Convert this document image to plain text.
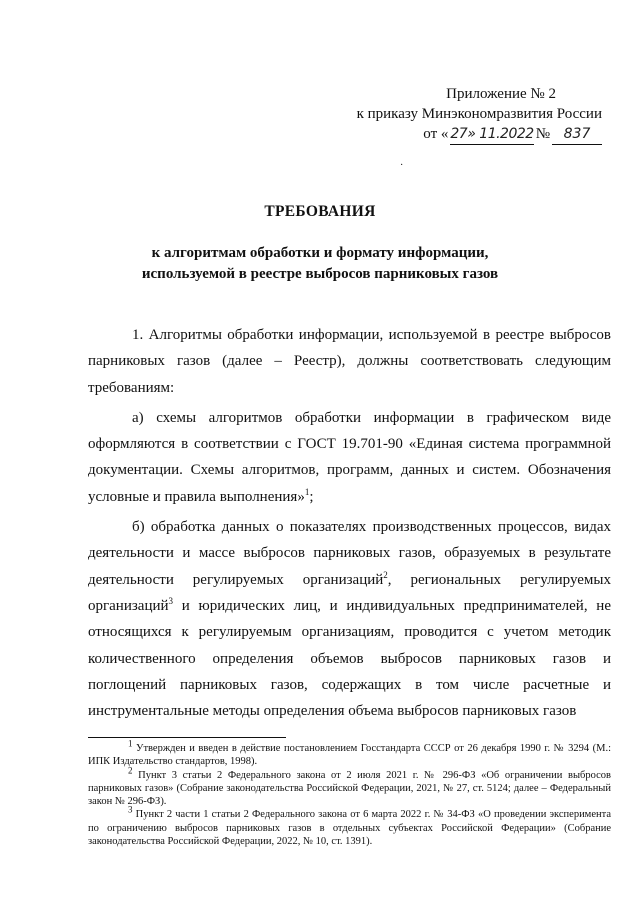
Приложение № 2
к приказу Минэкономразвития России
от « 27» 11.2022 № 837
·
ТРЕБОВАНИЯ
к алгоритмам обработки и формату информации,
используемой в реестре выбросов парниковых газов

1. Алгоритмы обработки информации, используемой в реестре выбросов парниковых газов (далее – Реестр), должны соответствовать следующим требованиям:

а) схемы алгоритмов обработки информации в графическом виде оформляются в соответствии с ГОСТ 19.701-90 «Единая система программной документации. Схемы алгоритмов, программ, данных и систем. Обозначения условные и правила выполнения»$^1$;

б) обработка данных о показателях производственных процессов, видах деятельности и массе выбросов парниковых газов, образуемых в результате деятельности регулируемых организаций$^2$, региональных регулируемых организаций$^3$ и юридических лиц, и индивидуальных предпринимателей, не относящихся к регулируемым организациям, проводится с учетом методик количественного определения объемов выбросов парниковых газов и поглощений парниковых газов, содержащих в том числе расчетные и инструментальные методы определения объема выбросов парниковых газов

$^1$ Утвержден и введен в действие постановлением Госстандарта СССР от 26 декабря 1990 г. № 3294 (М.: ИПК Издательство стандартов, 1998).

$^2$ Пункт 3 статьи 2 Федерального закона от 2 июля 2021 г. № 296-ФЗ «Об ограничении выбросов парниковых газов» (Собрание законодательства Российской Федерации, 2021, № 27, ст. 5124; далее – Федеральный закон № 296-ФЗ).

$^3$ Пункт 2 части 1 статьи 2 Федерального закона от 6 марта 2022 г. № 34-ФЗ «О проведении эксперимента по ограничению выбросов парниковых газов в отдельных субъектах Российской Федерации» (Собрание законодательства Российской Федерации, 2022, № 10, ст. 1391).
